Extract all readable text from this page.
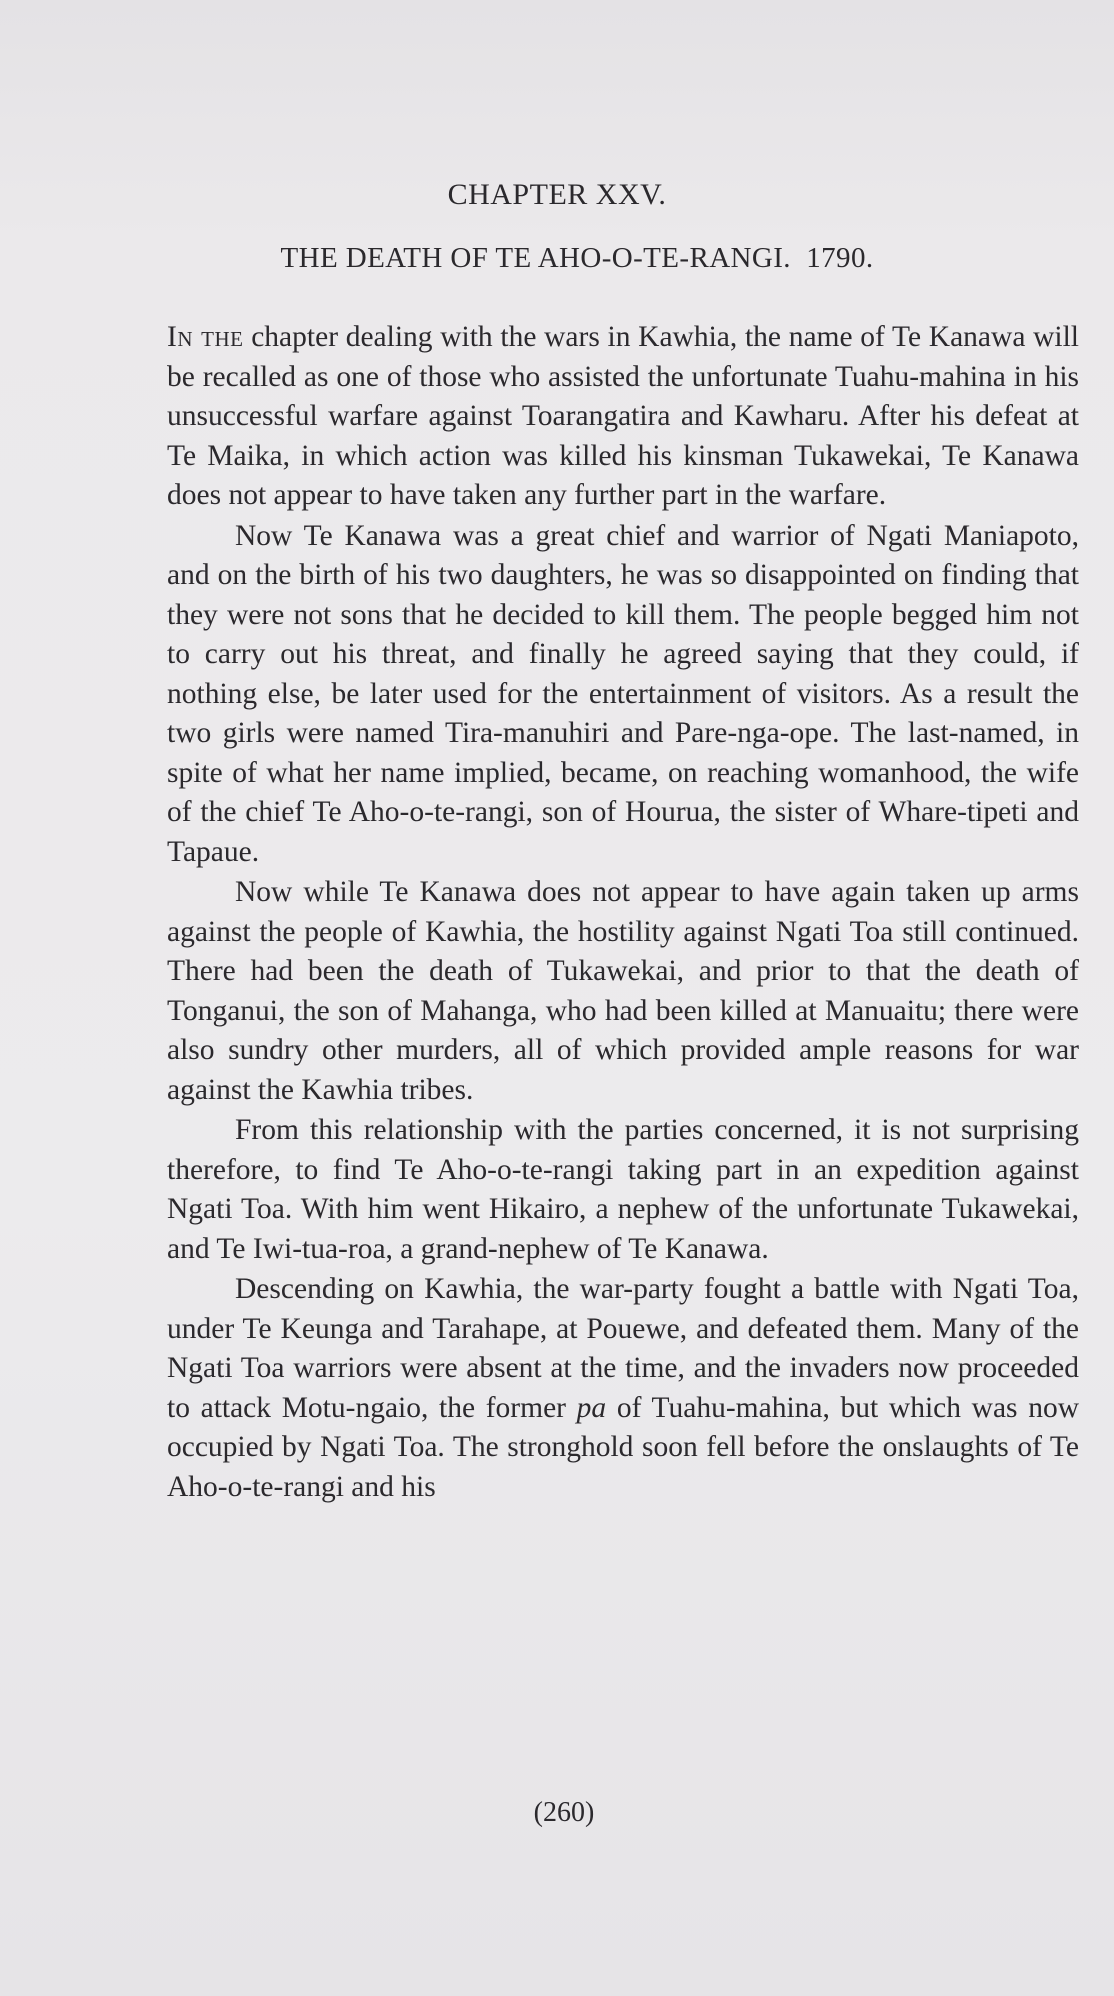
CHAPTER XXV.
THE DEATH OF TE AHO-O-TE-RANGI.  1790.

In the chapter dealing with the wars in Kawhia, the name of Te Kanawa will be recalled as one of those who assisted the unfortunate Tuahu-mahina in his unsuccessful warfare against Toarangatira and Kawharu. After his defeat at Te Maika, in which action was killed his kinsman Tukawekai, Te Kanawa does not appear to have taken any further part in the warfare.

Now Te Kanawa was a great chief and warrior of Ngati Maniapoto, and on the birth of his two daughters, he was so disappointed on finding that they were not sons that he decided to kill them. The people begged him not to carry out his threat, and finally he agreed saying that they could, if nothing else, be later used for the entertainment of visitors. As a result the two girls were named Tira-manuhiri and Pare-nga-ope. The last-named, in spite of what her name implied, became, on reaching womanhood, the wife of the chief Te Aho-o-te-rangi, son of Hourua, the sister of Whare-tipeti and Tapaue.

Now while Te Kanawa does not appear to have again taken up arms against the people of Kawhia, the hostility against Ngati Toa still continued. There had been the death of Tukawekai, and prior to that the death of Tonganui, the son of Mahanga, who had been killed at Manuaitu; there were also sundry other murders, all of which provided ample reasons for war against the Kawhia tribes.

From this relationship with the parties concerned, it is not surprising therefore, to find Te Aho-o-te-rangi taking part in an expedition against Ngati Toa. With him went Hikairo, a nephew of the unfortunate Tukawekai, and Te Iwi-tua-roa, a grand-nephew of Te Kanawa.

Descending on Kawhia, the war-party fought a battle with Ngati Toa, under Te Keunga and Tarahape, at Pouewe, and defeated them. Many of the Ngati Toa warriors were absent at the time, and the invaders now proceeded to attack Motu-ngaio, the former pa of Tuahu-mahina, but which was now occupied by Ngati Toa. The stronghold soon fell before the onslaughts of Te Aho-o-te-rangi and his

(260)
